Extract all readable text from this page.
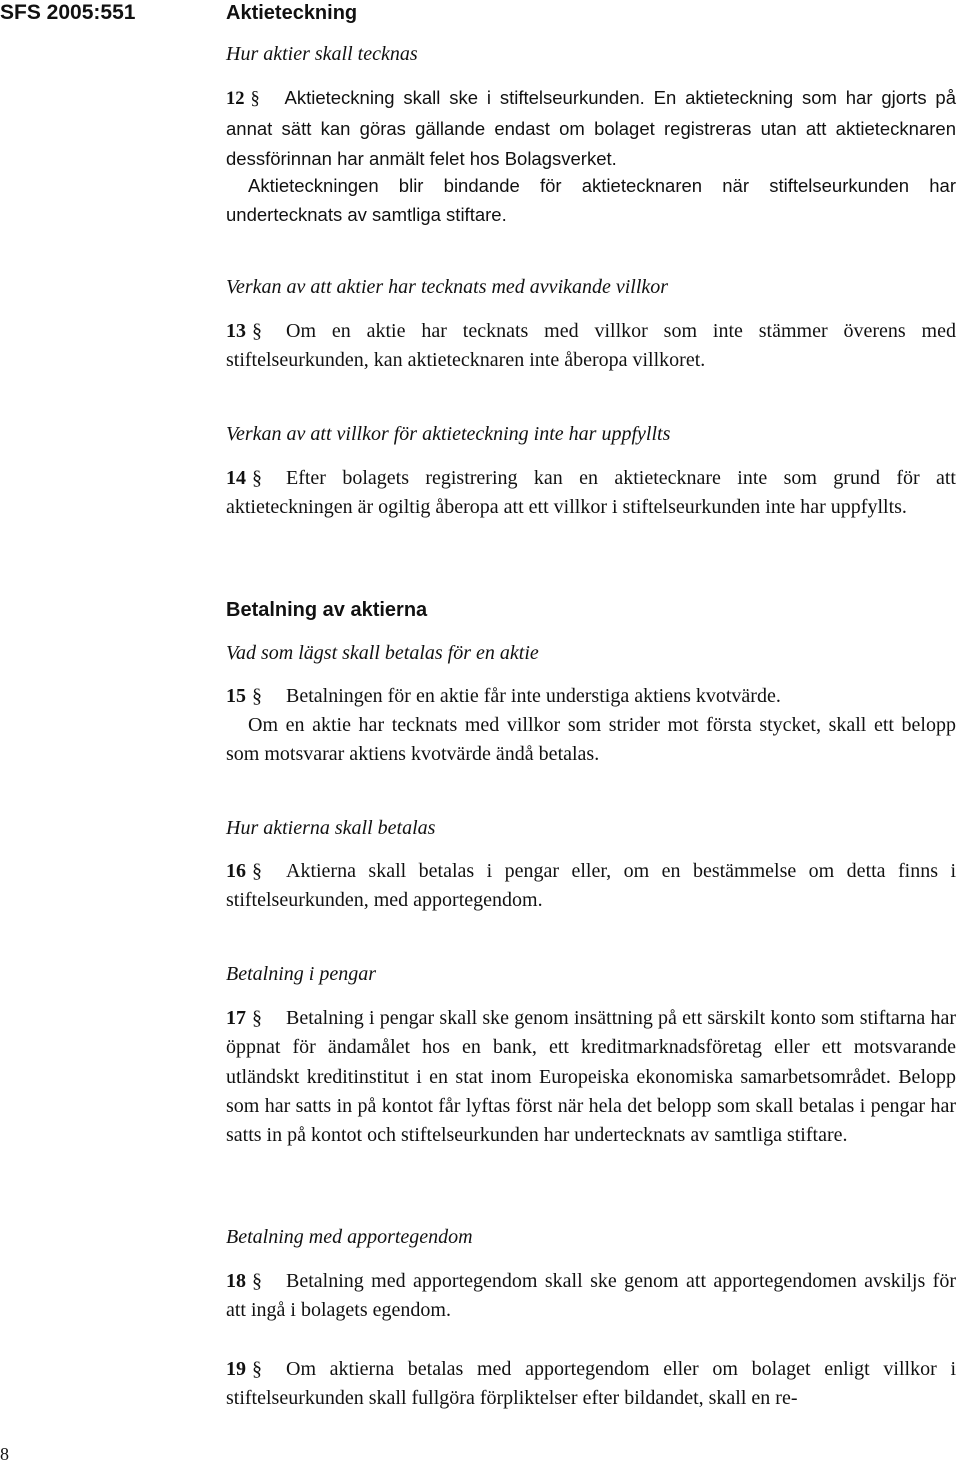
SFS 2005:551	Aktieteckning
Hur aktier skall tecknas
12 § Aktieteckning skall ske i stiftelseurkunden. En aktieteckning som har gjorts på annat sätt kan göras gällande endast om bolaget registreras utan att aktietecknaren dessförinnan har anmält felet hos Bolagsverket.
Aktieteckningen blir bindande för aktietecknaren när stiftelseurkunden har undertecknats av samtliga stiftare.
Verkan av att aktier har tecknats med avvikande villkor
13 § Om en aktie har tecknats med villkor som inte stämmer överens med stiftelseurkunden, kan aktietecknaren inte åberopa villkoret.
Verkan av att villkor för aktieteckning inte har uppfyllts
14 § Efter bolagets registrering kan en aktietecknare inte som grund för att aktieteckningen är ogiltig åberopa att ett villkor i stiftelseurkunden inte har uppfyllts.
Betalning av aktierna
Vad som lägst skall betalas för en aktie
15 § Betalningen för en aktie får inte understiga aktiens kvotvärde.
Om en aktie har tecknats med villkor som strider mot första stycket, skall ett belopp som motsvarar aktiens kvotvärde ändå betalas.
Hur aktierna skall betalas
16 § Aktierna skall betalas i pengar eller, om en bestämmelse om detta finns i stiftelseurkunden, med apportegendom.
Betalning i pengar
17 § Betalning i pengar skall ske genom insättning på ett särskilt konto som stiftarna har öppnat för ändamålet hos en bank, ett kreditmarknadsföretag eller ett motsvarande utländskt kreditinstitut i en stat inom Europeiska ekonomiska samarbetsområdet. Belopp som har satts in på kontot får lyftas först när hela det belopp som skall betalas i pengar har satts in på kontot och stiftelseurkunden har undertecknats av samtliga stiftare.
Betalning med apportegendom
18 § Betalning med apportegendom skall ske genom att apportegendomen avskiljs för att ingå i bolagets egendom.
19 § Om aktierna betalas med apportegendom eller om bolaget enligt villkor i stiftelseurkunden skall fullgöra förpliktelser efter bildandet, skall en re-
8
